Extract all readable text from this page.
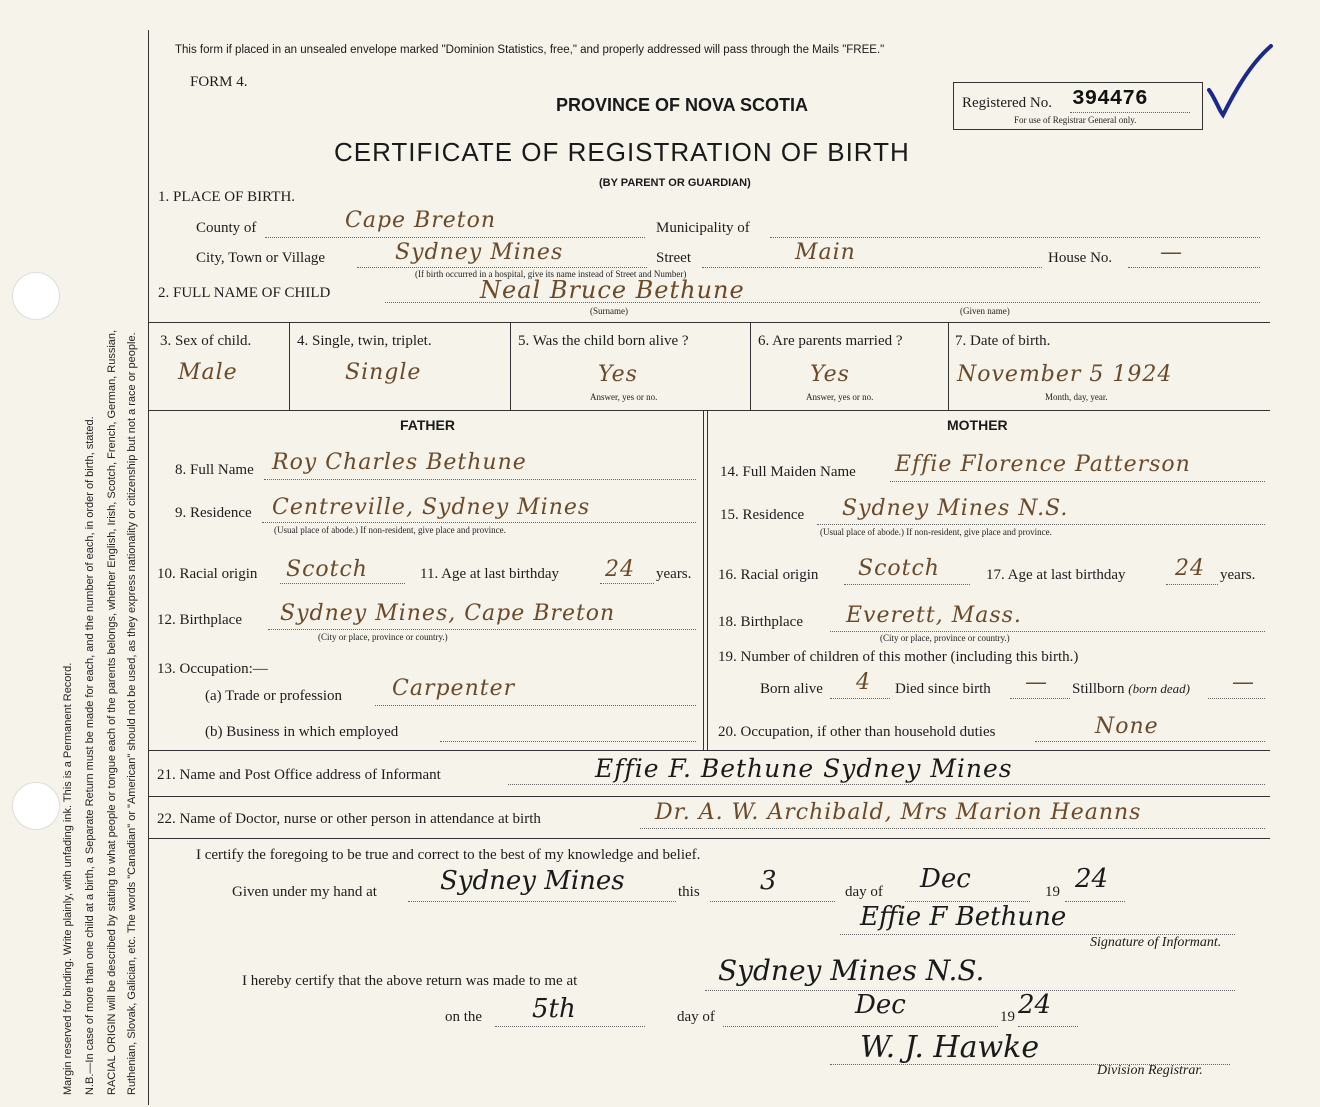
Margin reserved for binding. Write plainly, with unfading ink. This is a Permanent Record. N.B.—In case of more than one child at a birth, a Separate Return must be made for each, and the number of each, in order of birth, stated. RACIAL ORIGIN will be described by stating to what people or tongue each of the parents belongs, whether English, Irish, Scotch, French, German, Russian, Ruthenian, Slovak, Galician, etc. The words "Canadian" or "American" should not be used, as they express nationality or citizenship but not a race or people.
This form if placed in an unsealed envelope marked "Dominion Statistics, free," and properly addressed will pass through the Mails "FREE."
FORM 4.
PROVINCE OF NOVA SCOTIA	Registered No. 394476
For use of Registrar General only.
CERTIFICATE OF REGISTRATION OF BIRTH
(BY PARENT OR GUARDIAN)
1. PLACE OF BIRTH.
County of	Cape Breton	Municipality of
City, Town or Village	Sydney Mines	Street	Main	House No. —
(If birth occurred in a hospital, give its name instead of Street and Number)
2. FULL NAME OF CHILD	Neal Bruce Bethune
(Surname)	(Given name)
3. Sex of child.
Male
4. Single, twin, triplet.
Single
5. Was the child born alive ?
Yes
Answer, yes or no.
6. Are parents married ?
Yes
Answer, yes or no.
7. Date of birth.
November 5 1924
Month, day, year.
FATHER	MOTHER
8. Full Name Roy Charles Bethune
9. Residence Centreville, Sydney Mines
(Usual place of abode.) If non-resident, give place and province.
10. Racial origin Scotch	11. Age at last birthday 24 years.
12. Birthplace Sydney Mines, Cape Breton
(City or place, province or country.)
13. Occupation:—
(a) Trade or profession Carpenter
(b) Business in which employed
14. Full Maiden Name Effie Florence Patterson
15. Residence Sydney Mines N.S.
(Usual place of abode.) If non-resident, give place and province.
16. Racial origin Scotch	17. Age at last birthday 24 years.
18. Birthplace Everett, Mass.
(City or place, province or country.)
19. Number of children of this mother (including this birth.)
Born alive 4 Died since birth — Stillborn (born dead) —
20. Occupation, if other than household duties	None
21. Name and Post Office address of Informant	Effie F. Bethune Sydney Mines
22. Name of Doctor, nurse or other person in attendance at birth	Dr. A. W. Archibald, Mrs Marion Heanns
I certify the foregoing to be true and correct to the best of my knowledge and belief.
Given under my hand at Sydney Mines	this 3	day of Dec	19 24
Effie F Bethune
Signature of Informant.
I hereby certify that the above return was made to me at	Sydney Mines N.S.
on the 5th	day of	Dec	19 24
W. J. Hawke
Division Registrar.
